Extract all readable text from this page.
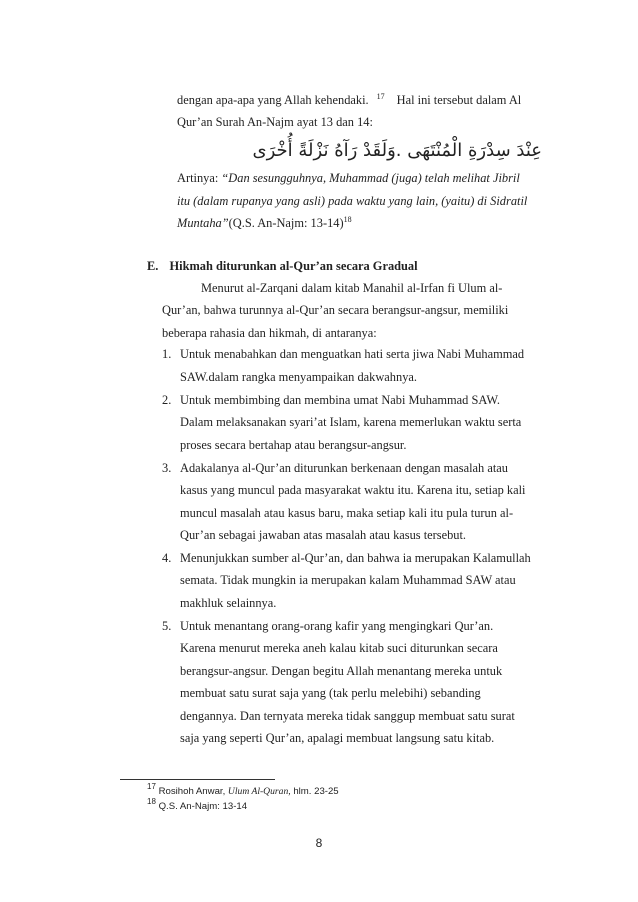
dengan apa-apa yang Allah kehendaki. $^{17}$ Hal ini tersebut dalam Al
Qur’an Surah An-Najm ayat 13 dan 14:
عِنْدَ سِدْرَةِ الْمُنْتَهَى .وَلَقَدْ رَآهُ نَزْلَةً أُخْرَى
Artinya: “Dan sesungguhnya, Muhammad (juga) telah melihat Jibril
itu (dalam rupanya yang asli) pada waktu yang lain, (yaitu) di Sidratil
Muntaha”(Q.S. An-Najm: 13-14)$^{18}$
E. Hikmah diturunkan al-Qur’an secara Gradual
Menurut al-Zarqani dalam kitab Manahil al-Irfan fi Ulum al-
Qur’an, bahwa turunnya al-Qur’an secara berangsur-angsur, memiliki
beberapa rahasia dan hikmah, di antaranya:
1. Untuk menabahkan dan menguatkan hati serta jiwa Nabi Muhammad
SAW.dalam rangka menyampaikan dakwahnya.
2. Untuk membimbing dan membina umat Nabi Muhammad SAW.
Dalam melaksanakan syari’at Islam, karena memerlukan waktu serta
proses secara bertahap atau berangsur-angsur.
3. Adakalanya al-Qur’an diturunkan berkenaan dengan masalah atau
kasus yang muncul pada masyarakat waktu itu. Karena itu, setiap kali
muncul masalah atau kasus baru, maka setiap kali itu pula turun al-
Qur’an sebagai jawaban atas masalah atau kasus tersebut.
4. Menunjukkan sumber al-Qur’an, dan bahwa ia merupakan Kalamullah
semata. Tidak mungkin ia merupakan kalam Muhammad SAW atau
makhluk selainnya.
5. Untuk menantang orang-orang kafir yang mengingkari Qur’an.
Karena menurut mereka aneh kalau kitab suci diturunkan secara
berangsur-angsur. Dengan begitu Allah menantang mereka untuk
membuat satu surat saja yang (tak perlu melebihi) sebanding
dengannya. Dan ternyata mereka tidak sanggup membuat satu surat
saja yang seperti Qur’an, apalagi membuat langsung satu kitab.
$^{17}$ Rosihoh Anwar, Ulum Al-Quran, hlm. 23-25
$^{18}$ Q.S. An-Najm: 13-14
8
